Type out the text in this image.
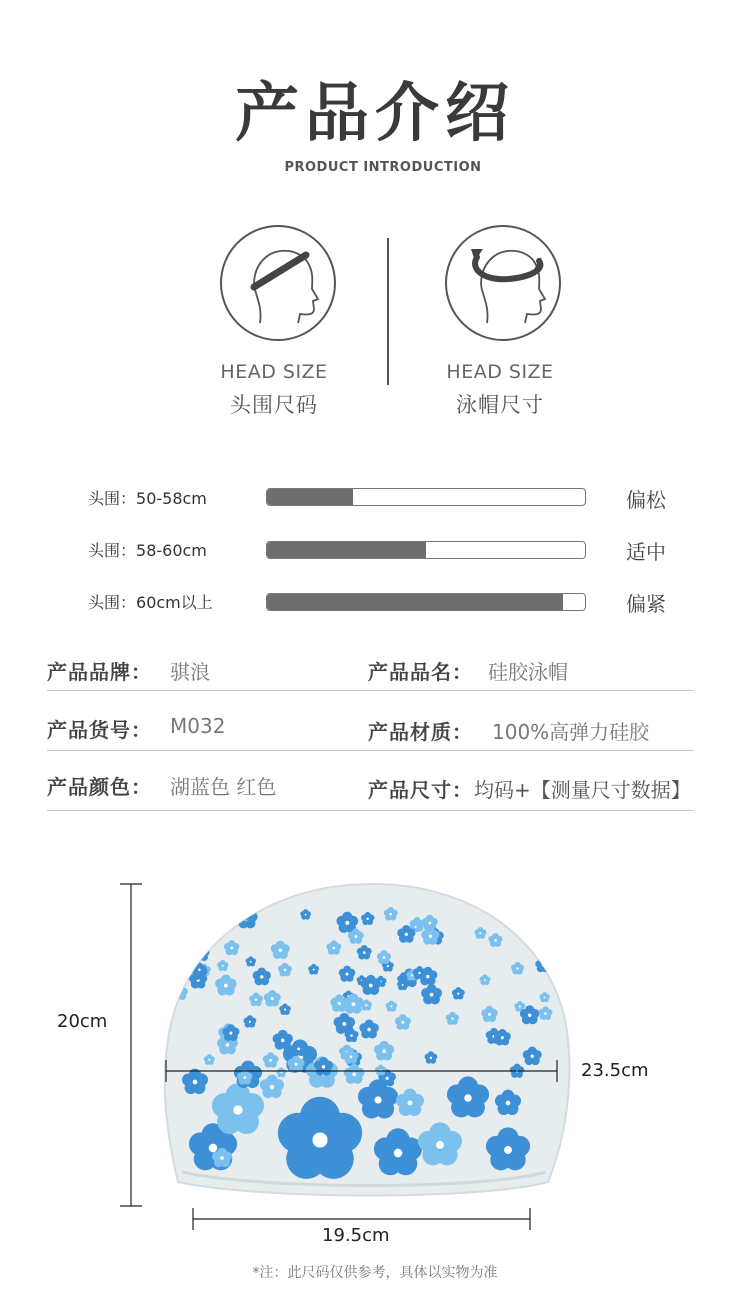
产品介绍
PRODUCT INTRODUCTION
HEAD SIZE
头围尺码
HEAD SIZE
泳帽尺寸
头围：50-58cm	偏松
头围：58-60cm	适中
头围：60cm以上	偏紧
产品品牌： 骐浪	产品品名： 硅胶泳帽
产品货号： M032	产品材质： 100%高弹力硅胶
产品颜色： 湖蓝色 红色	产品尺寸： 均码+【测量尺寸数据】
20cm
23.5cm
19.5cm
*注：此尺码仅供参考，具体以实物为准
